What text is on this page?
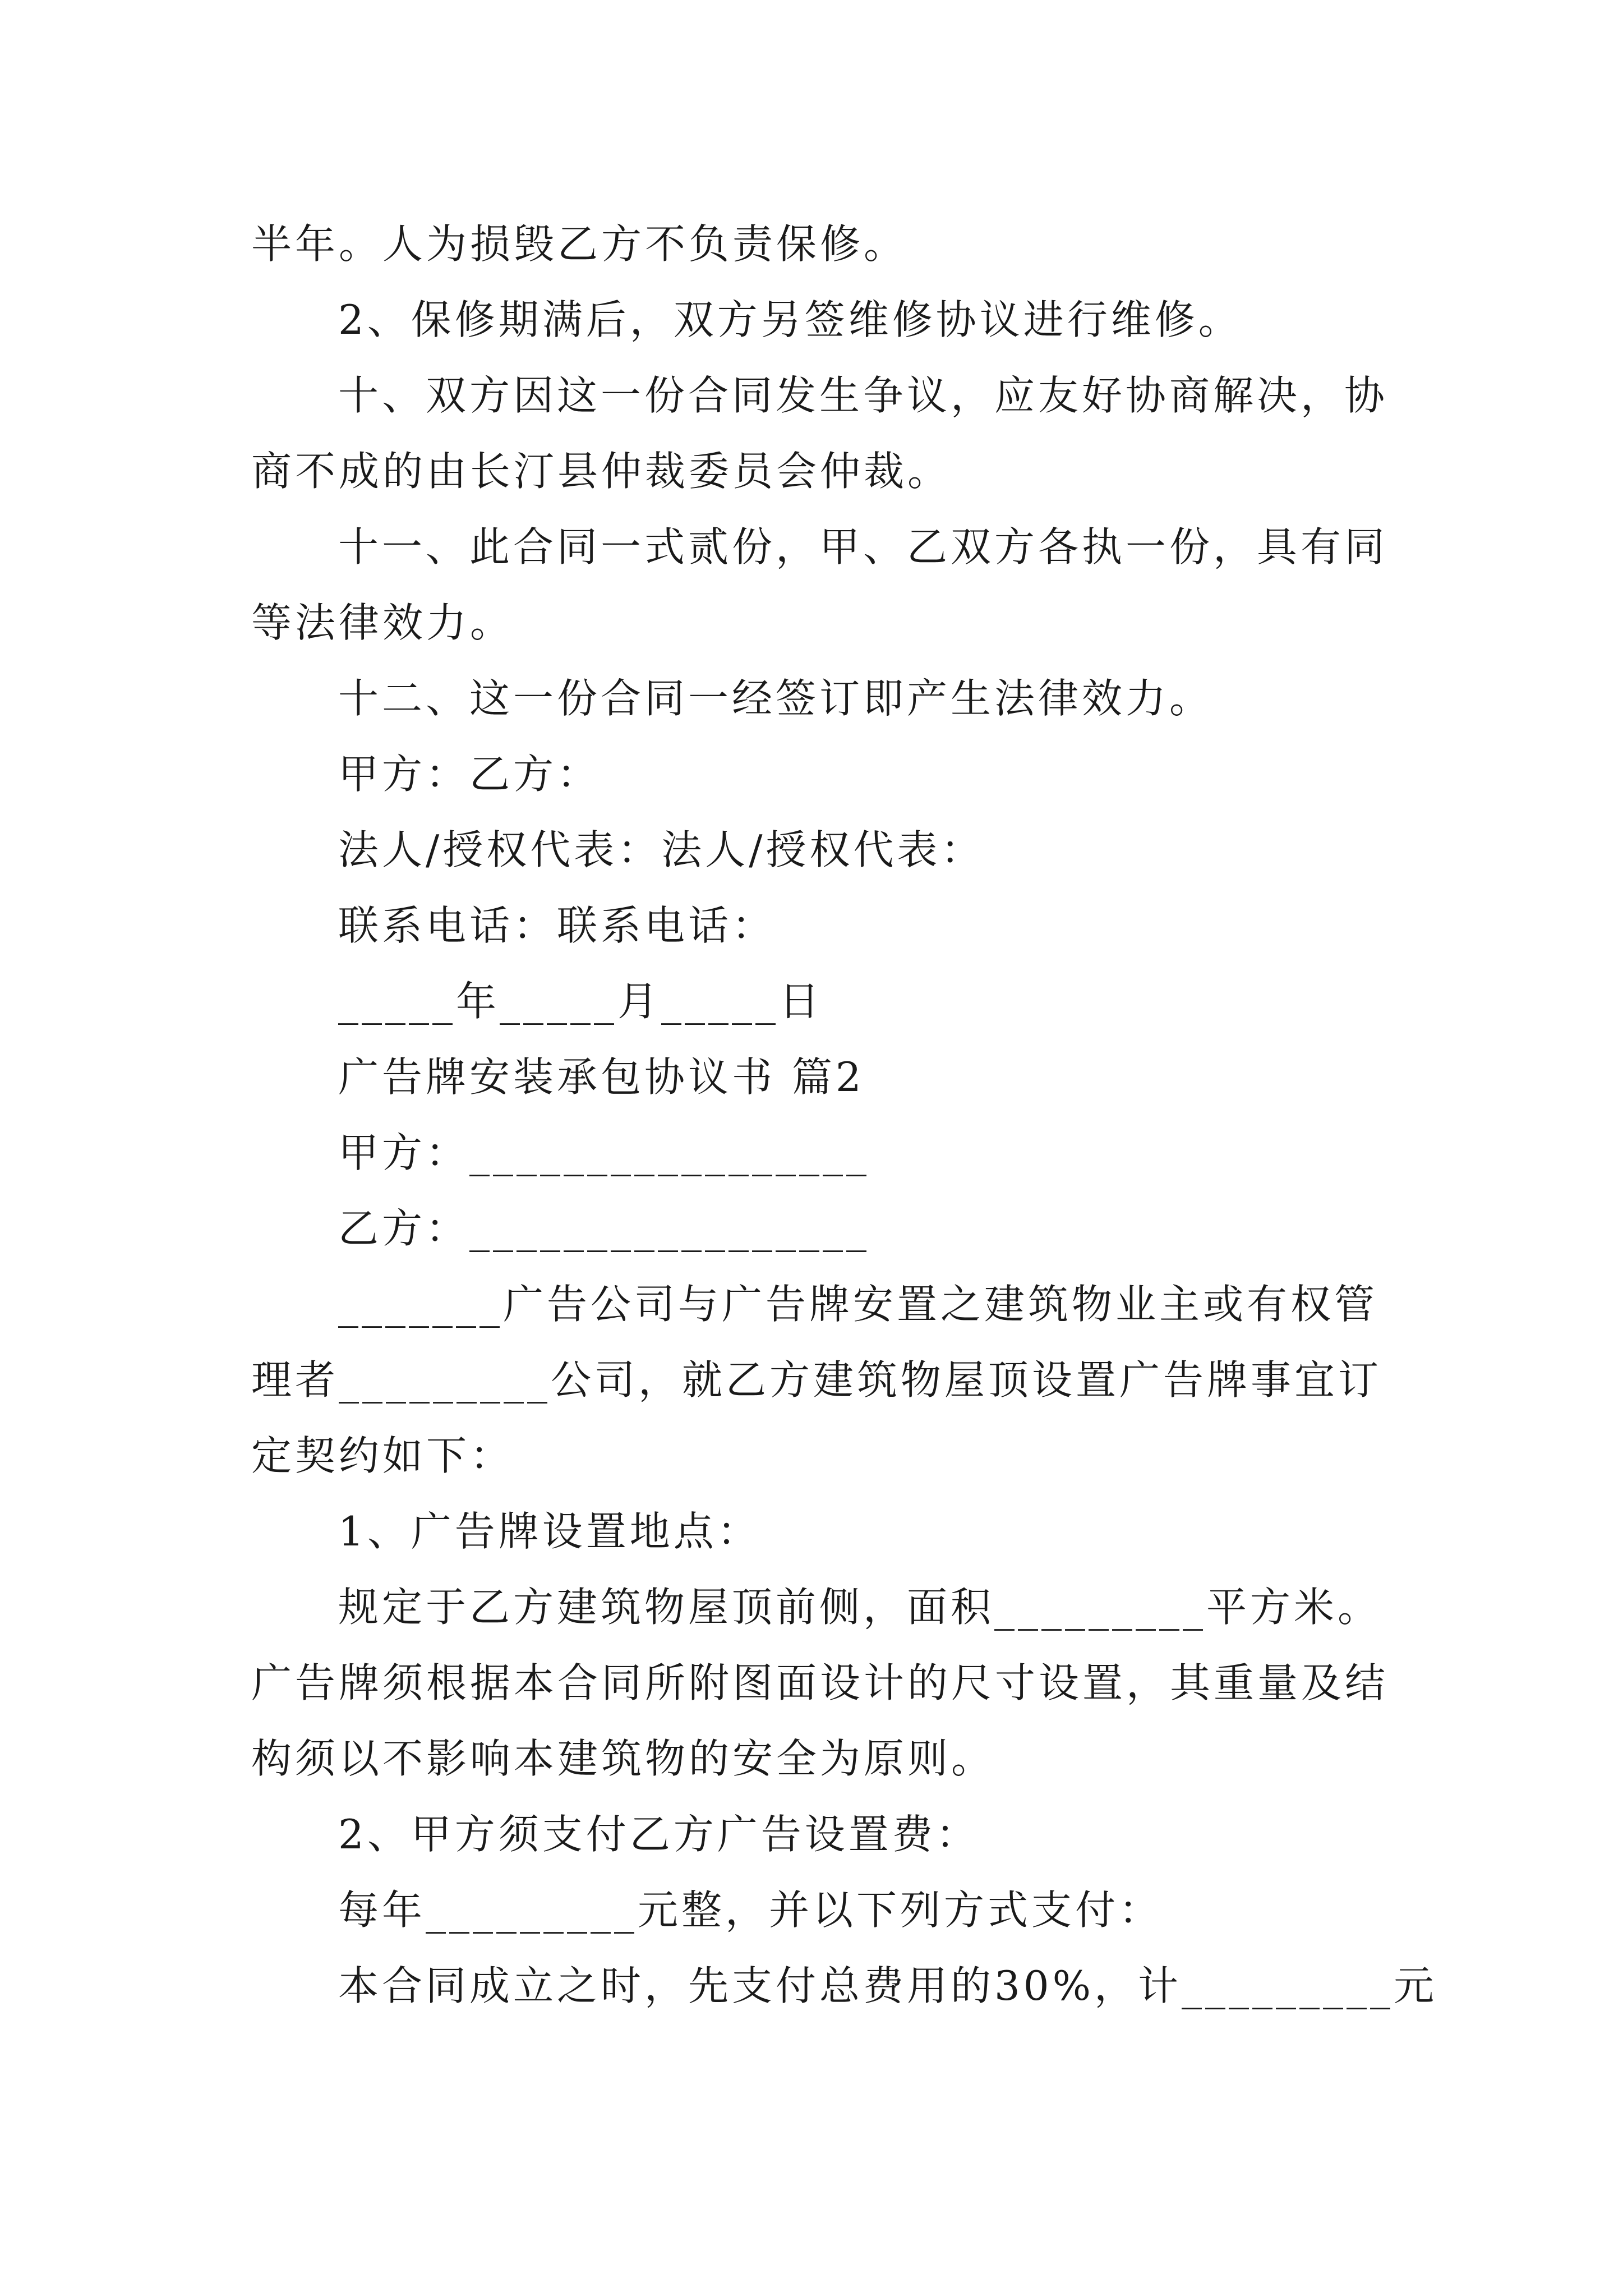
半年。人为损毁乙方不负责保修。
2、保修期满后，双方另签维修协议进行维修。
十、双方因这一份合同发生争议，应友好协商解决，协
商不成的由长汀县仲裁委员会仲裁。
十一、此合同一式贰份，甲、乙双方各执一份，具有同
等法律效力。
十二、这一份合同一经签订即产生法律效力。
甲方：乙方：
法人/授权代表：法人/授权代表：
联系电话：联系电话：
_____年_____月_____日
广告牌安装承包协议书 篇2
甲方：_________________
乙方：_________________
_______广告公司与广告牌安置之建筑物业主或有权管
理者_________公司，就乙方建筑物屋顶设置广告牌事宜订
定契约如下：
1、广告牌设置地点：
规定于乙方建筑物屋顶前侧，面积_________平方米。
广告牌须根据本合同所附图面设计的尺寸设置，其重量及结
构须以不影响本建筑物的安全为原则。
2、甲方须支付乙方广告设置费：
每年_________元整，并以下列方式支付：
本合同成立之时，先支付总费用的30%，计_________元
